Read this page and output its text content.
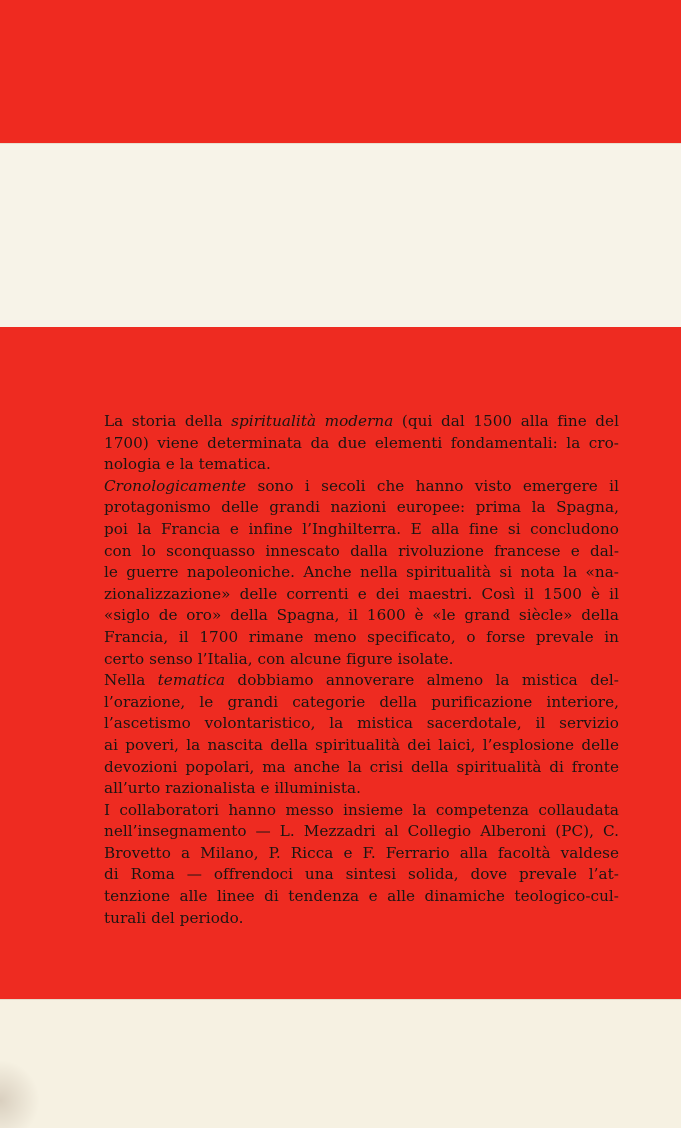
La storia della spiritualità moderna (qui dal 1500 alla fine del
1700) viene determinata da due elementi fondamentali: la cro-
nologia e la tematica.
Cronologicamente sono i secoli che hanno visto emergere il
protagonismo delle grandi nazioni europee: prima la Spagna,
poi la Francia e infine l’Inghilterra. E alla fine si concludono
con lo sconquasso innescato dalla rivoluzione francese e dal-
le guerre napoleoniche. Anche nella spiritualità si nota la «na-
zionalizzazione» delle correnti e dei maestri. Così il 1500 è il
«siglo de oro» della Spagna, il 1600 è «le grand siècle» della
Francia, il 1700 rimane meno specificato, o forse prevale in
certo senso l’Italia, con alcune figure isolate.
Nella tematica dobbiamo annoverare almeno la mistica del-
l’orazione, le grandi categorie della purificazione interiore,
l’ascetismo volontaristico, la mistica sacerdotale, il servizio
ai poveri, la nascita della spiritualità dei laici, l’esplosione delle
devozioni popolari, ma anche la crisi della spiritualità di fronte
all’urto razionalista e illuminista.
I collaboratori hanno messo insieme la competenza collaudata
nell’insegnamento — L. Mezzadri al Collegio Alberoni (PC), C.
Brovetto a Milano, P. Ricca e F. Ferrario alla facoltà valdese
di Roma — offrendoci una sintesi solida, dove prevale l’at-
tenzione alle linee di tendenza e alle dinamiche teologico-cul-
turali del periodo.
